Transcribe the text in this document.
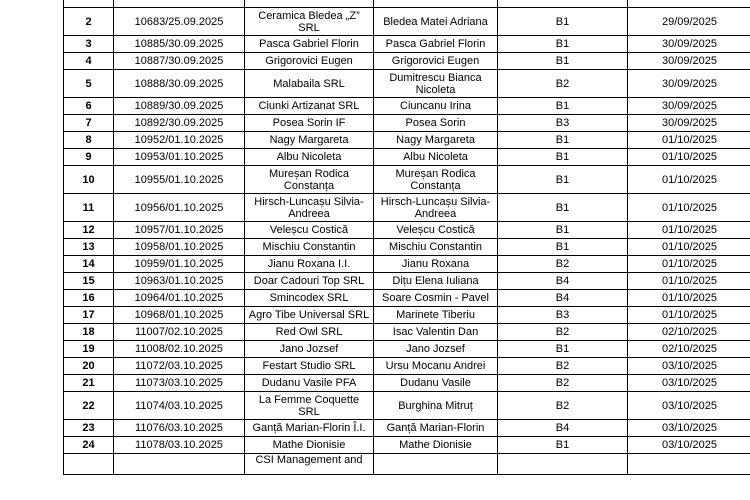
2	10683/25.09.2025	Ceramica Bledea „Z” SRL	Bledea Matei Adriana	B1	29/09/2025
3	10885/30.09.2025	Pasca Gabriel Florin	Pasca Gabriel Florin	B1	30/09/2025
4	10887/30.09.2025	Grigorovici Eugen	Grigorovici Eugen	B1	30/09/2025
5	10888/30.09.2025	Malabaila SRL	Dumitrescu Bianca Nicoleta	B2	30/09/2025
6	10889/30.09.2025	Ciunki Artizanat SRL	Ciuncanu Irina	B1	30/09/2025
7	10892/30.09.2025	Posea Sorin IF	Posea Sorin	B3	30/09/2025
8	10952/01.10.2025	Nagy Margareta	Nagy Margareta	B1	01/10/2025
9	10953/01.10.2025	Albu Nicoleta	Albu Nicoleta	B1	01/10/2025
10	10955/01.10.2025	Mureșan Rodica Constanța	Mureșan Rodica Constanța	B1	01/10/2025
11	10956/01.10.2025	Hirsch-Luncașu Silvia-Andreea	Hirsch-Luncașu Silvia-Andreea	B1	01/10/2025
12	10957/01.10.2025	Veleșcu Costică	Veleșcu Costică	B1	01/10/2025
13	10958/01.10.2025	Mischiu Constantin	Mischiu Constantin	B1	01/10/2025
14	10959/01.10.2025	Jianu Roxana I.I.	Jianu Roxana	B2	01/10/2025
15	10963/01.10.2025	Doar Cadouri Top SRL	Dițu Elena Iuliana	B4	01/10/2025
16	10964/01.10.2025	Smincodex SRL	Soare Cosmin - Pavel	B4	01/10/2025
17	10968/01.10.2025	Agro Tibe Universal SRL	Marinete Tiberiu	B3	01/10/2025
18	11007/02.10.2025	Red Owl SRL	Isac Valentin Dan	B2	02/10/2025
19	11008/02.10.2025	Jano Jozsef	Jano Jozsef	B1	02/10/2025
20	11072/03.10.2025	Festart Studio SRL	Ursu Mocanu Andrei	B2	03/10/2025
21	11073/03.10.2025	Dudanu Vasile PFA	Dudanu Vasile	B2	03/10/2025
22	11074/03.10.2025	La Femme Coquette SRL	Burghina Mitruț	B2	03/10/2025
23	11076/03.10.2025	Ganță Marian-Florin Î.I.	Ganță Marian-Florin	B4	03/10/2025
24	11078/03.10.2025	Mathe Dionisie	Mathe Dionisie	B1	03/10/2025
		CSI Management and			
